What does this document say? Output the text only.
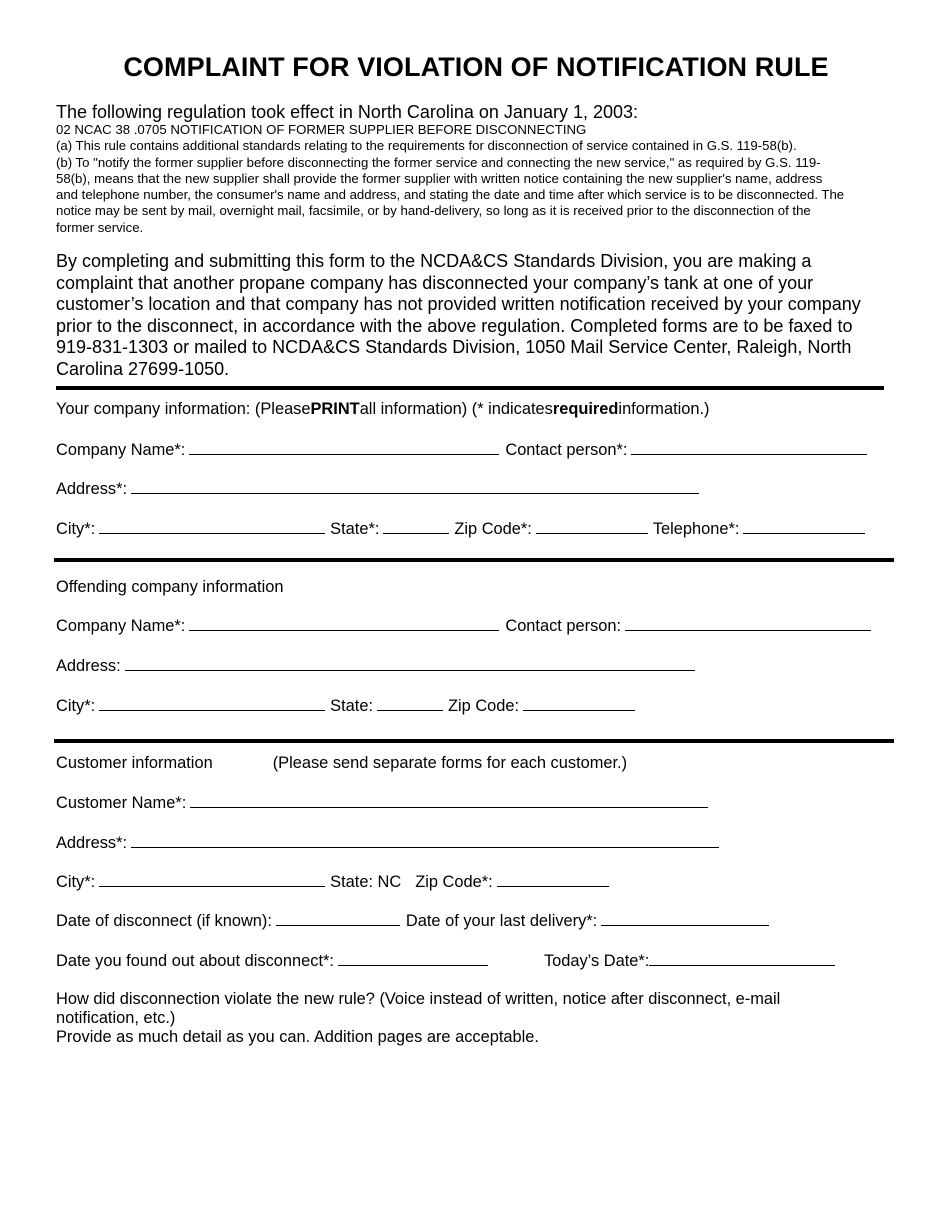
COMPLAINT FOR VIOLATION OF NOTIFICATION RULE
The following regulation took effect in North Carolina on January 1, 2003:
02 NCAC 38 .0705 NOTIFICATION OF FORMER SUPPLIER BEFORE DISCONNECTING
(a) This rule contains additional standards relating to the requirements for disconnection of service contained in G.S. 119-58(b).
(b) To "notify the former supplier before disconnecting the former service and connecting the new service," as required by G.S. 119-
58(b), means that the new supplier shall provide the former supplier with written notice containing the new supplier's name, address
and telephone number, the consumer's name and address, and stating the date and time after which service is to be disconnected. The
notice may be sent by mail, overnight mail, facsimile, or by hand-delivery, so long as it is received prior to the disconnection of the
former service.
By completing and submitting this form to the NCDA&CS Standards Division, you are making a
complaint that another propane company has disconnected your company’s tank at one of your
customer’s location and that company has not provided written notification received by your company
prior to the disconnect, in accordance with the above regulation. Completed forms are to be faxed to
919-831-1303 or mailed to NCDA&CS Standards Division, 1050 Mail Service Center, Raleigh, North
Carolina 27699-1050.
Your company information: (Please PRINT all information) (* indicates required information.)
Company Name*:	Contact person*:
Address*:
City*:	State*:	Zip Code*:	Telephone*:
Offending company information
Company Name*:	Contact person:
Address:
City*:	State:	Zip Code:
Customer information	(Please send separate forms for each customer.)
Customer Name*:
Address*:
City*:	State: NC Zip Code*:
Date of disconnect (if known):	Date of your last delivery*:
Date you found out about disconnect*:	Today’s Date*:
How did disconnection violate the new rule? (Voice instead of written, notice after disconnect, e-mail
notification, etc.)
Provide as much detail as you can. Addition pages are acceptable.
